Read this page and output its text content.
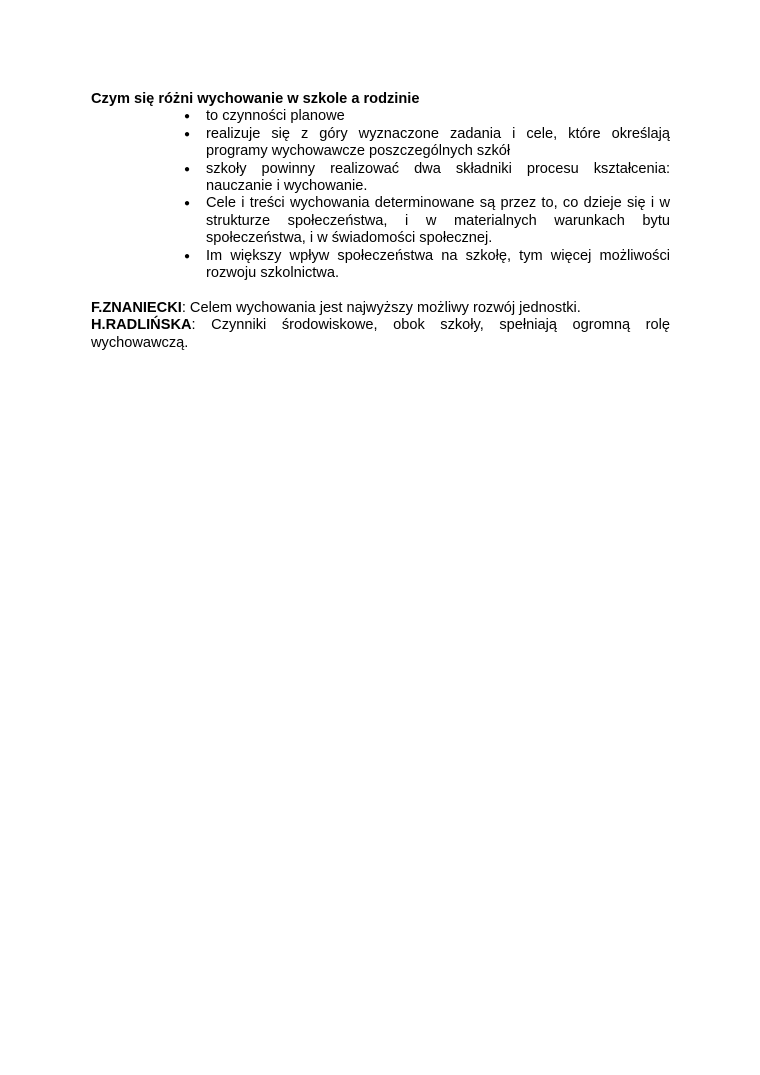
Czym się różni wychowanie w szkole a rodzinie

● to czynności planowe
● realizuje się z góry wyznaczone zadania i cele, które określają programy wychowawcze poszczególnych szkół
● szkoły powinny realizować dwa składniki procesu kształcenia: nauczanie i wychowanie.
● Cele i treści wychowania determinowane są przez to, co dzieje się i w strukturze społeczeństwa, i w materialnych warunkach bytu społeczeństwa, i w świadomości społecznej.
● Im większy wpływ społeczeństwa na szkołę, tym więcej możliwości rozwoju szkolnictwa.

F.ZNANIECKI: Celem wychowania jest najwyższy możliwy rozwój jednostki.

H.RADLIŃSKA: Czynniki środowiskowe, obok szkoły, spełniają ogromną rolę wychowawczą.
